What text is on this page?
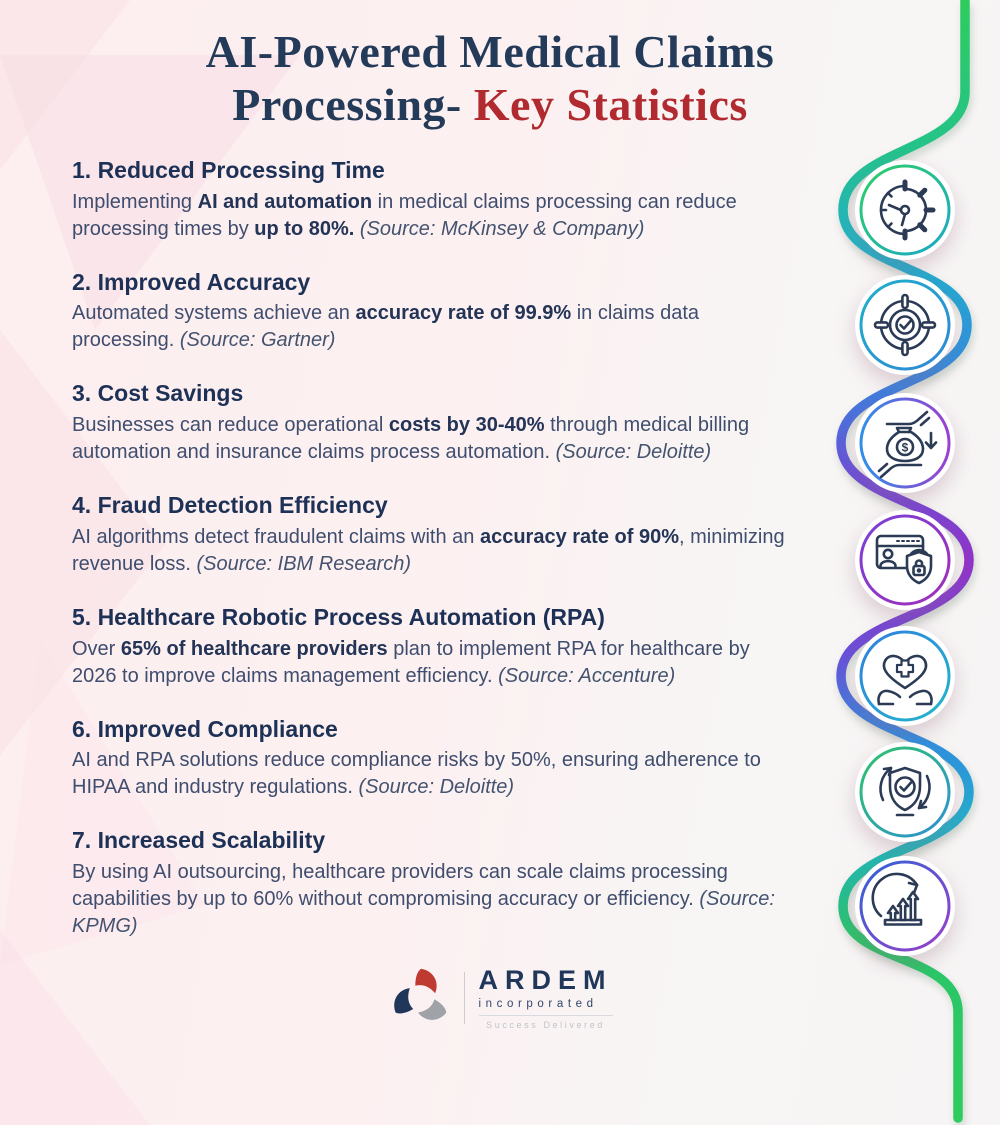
AI-Powered Medical Claims
Processing- Key Statistics
1. Reduced Processing Time

Implementing AI and automation in medical claims processing can reduce processing times by up to 80%. (Source: McKinsey & Company)

2. Improved Accuracy

Automated systems achieve an accuracy rate of 99.9% in claims data processing. (Source: Gartner)

3. Cost Savings

Businesses can reduce operational costs by 30-40% through medical billing automation and insurance claims process automation. (Source: Deloitte)

4. Fraud Detection Efficiency

AI algorithms detect fraudulent claims with an accuracy rate of 90%, minimizing revenue loss. (Source: IBM Research)

5. Healthcare Robotic Process Automation (RPA)

Over 65% of healthcare providers plan to implement RPA for healthcare by 2026 to improve claims management efficiency. (Source: Accenture)

6. Improved Compliance

AI and RPA solutions reduce compliance risks by 50%, ensuring adherence to HIPAA and industry regulations. (Source: Deloitte)

7. Increased Scalability

By using AI outsourcing, healthcare providers can scale claims processing capabilities by up to 60% without compromising accuracy or efficiency. (Source: KPMG)

ARDEM
incorporated
Success Delivered
$
